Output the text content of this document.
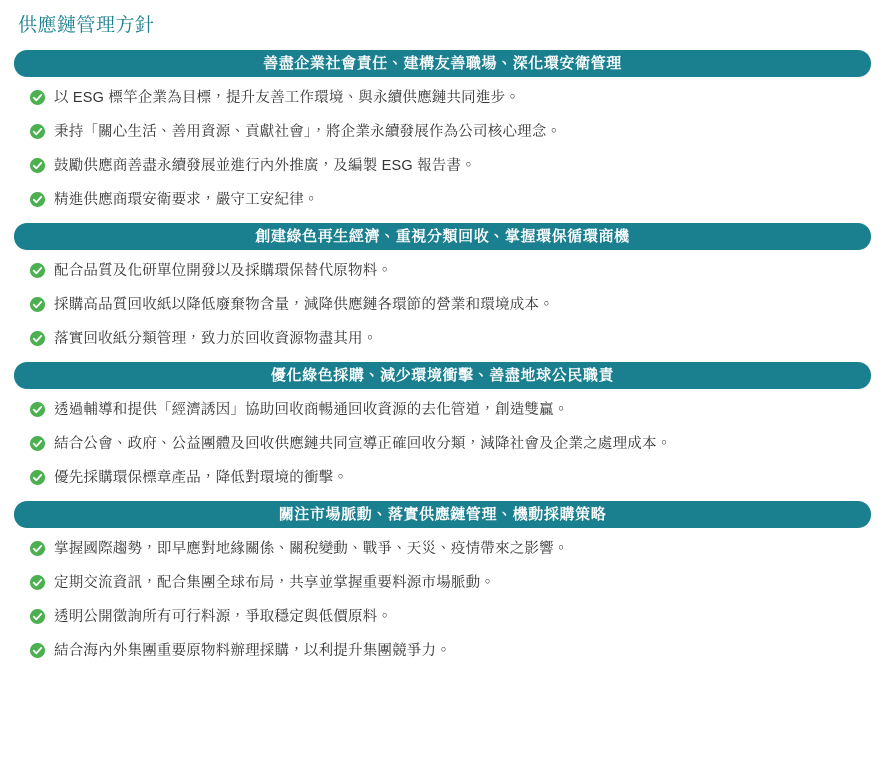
供應鏈管理方針
善盡企業社會責任、建構友善職場、深化環安衛管理
以 ESG 標竿企業為目標，提升友善工作環境、與永續供應鏈共同進步。
秉持「關心生活、善用資源、貢獻社會」，將企業永續發展作為公司核心理念。
鼓勵供應商善盡永續發展並進行內外推廣，及編製 ESG 報告書。
精進供應商環安衛要求，嚴守工安紀律。
創建綠色再生經濟、重視分類回收、掌握環保循環商機
配合品質及化研單位開發以及採購環保替代原物料。
採購高品質回收紙以降低廢棄物含量，減降供應鏈各環節的營業和環境成本。
落實回收紙分類管理，致力於回收資源物盡其用。
優化綠色採購、減少環境衝擊、善盡地球公民職責
透過輔導和提供「經濟誘因」協助回收商暢通回收資源的去化管道，創造雙贏。
結合公會、政府、公益團體及回收供應鏈共同宣導正確回收分類，減降社會及企業之處理成本。
優先採購環保標章產品，降低對環境的衝擊。
關注市場脈動、落實供應鏈管理、機動採購策略
掌握國際趨勢，即早應對地緣關係、關稅變動、戰爭、天災、疫情帶來之影響。
定期交流資訊，配合集團全球布局，共享並掌握重要料源市場脈動。
透明公開徵詢所有可行料源，爭取穩定與低價原料。
結合海內外集團重要原物料辦理採購，以利提升集團競爭力。
